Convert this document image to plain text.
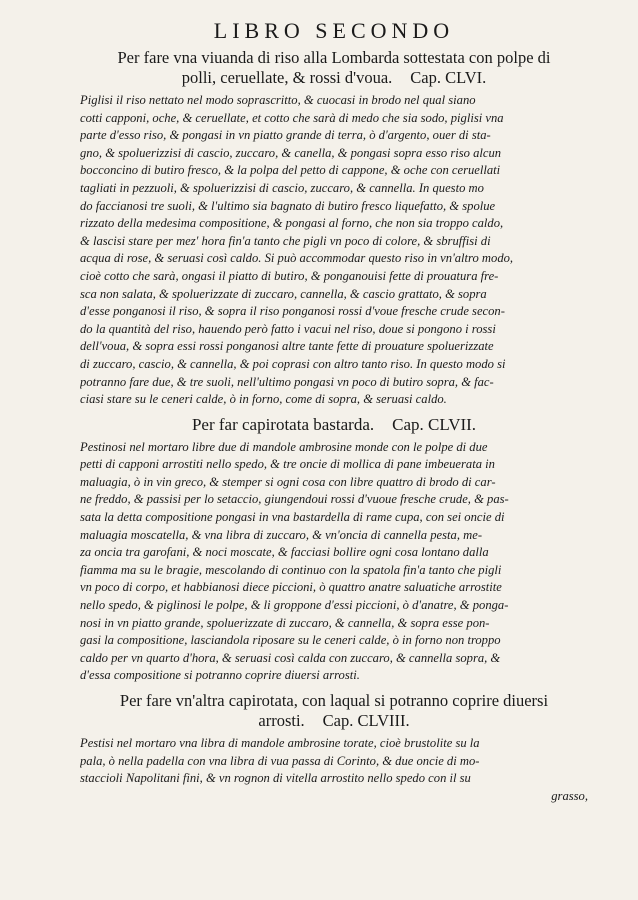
LIBRO SECONDO
Per fare vna viuanda di riso alla Lombarda sottestata con polpe di
polli, ceruellate, & rossi d'voua. Cap. CLVI.
Piglisi il riso nettato nel modo soprascritto, & cuocasi in brodo nel qual siano
cotti capponi, oche, & ceruellate, et cotto che sarà di medo che sia sodo, piglisi vna
parte d'esso riso, & pongasi in vn piatto grande di terra, ò d'argento, ouer di sta-
gno, & spoluerizzisi di cascio, zuccaro, & canella, & pongasi sopra esso riso alcun
bocconcino di butiro fresco, & la polpa del petto di cappone, & oche con ceruellati
tagliati in pezzuoli, & spoluerizzisi di cascio, zuccaro, & cannella. In questo mo
do faccianosi tre suoli, & l'ultimo sia bagnato di butiro fresco liquefatto, & spolue
rizzato della medesima compositione, & pongasi al forno, che non sia troppo caldo,
& lascisi stare per mez' hora fin'a tanto che pigli vn poco di colore, & sbruffisi di
acqua di rose, & seruasi così caldo. Si può accommodar questo riso in vn'altro modo,
cioè cotto che sarà, ongasi il piatto di butiro, & ponganouisi fette di prouatura fre-
sca non salata, & spoluerizzate di zuccaro, cannella, & cascio grattato, & sopra
d'esse ponganosi il riso, & sopra il riso ponganosi rossi d'voue fresche crude secon-
do la quantità del riso, hauendo però fatto i vacui nel riso, doue si pongono i rossi
dell'voua, & sopra essi rossi ponganosi altre tante fette di prouature spoluerizzate
di zuccaro, cascio, & cannella, & poi coprasi con altro tanto riso. In questo modo si
potranno fare due, & tre suoli, nell'ultimo pongasi vn poco di butiro sopra, & fac-
ciasi stare su le ceneri calde, ò in forno, come di sopra, & seruasi caldo.
Per far capirotata bastarda. Cap. CLVII.
Pestinosi nel mortaro libre due di mandole ambrosine monde con le polpe di due
petti di capponi arrostiti nello spedo, & tre oncie di mollica di pane imbeuerata in
maluagia, ò in vin greco, & stemper si ogni cosa con libre quattro di brodo di car-
ne freddo, & passisi per lo setaccio, giungendoui rossi d'vuoue fresche crude, & pas-
sata la detta compositione pongasi in vna bastardella di rame cupa, con sei oncie di
maluagia moscatella, & vna libra di zuccaro, & vn'oncia di cannella pesta, me-
za oncia tra garofani, & noci moscate, & facciasi bollire ogni cosa lontano dalla
fiamma ma su le bragie, mescolando di continuo con la spatola fin'a tanto che pigli
vn poco di corpo, et habbianosi diece piccioni, ò quattro anatre saluatiche arrostite
nello spedo, & piglinosi le polpe, & li groppone d'essi piccioni, ò d'anatre, & ponga-
nosi in vn piatto grande, spoluerizzate di zuccaro, & cannella, & sopra esse pon-
gasi la compositione, lasciandola riposare su le ceneri calde, ò in forno non troppo
caldo per vn quarto d'hora, & seruasi così calda con zuccaro, & cannella sopra, &
d'essa compositione si potranno coprire diuersi arrosti.
Per fare vn'altra capirotata, con laqual si potranno coprire diuersi
arrosti. Cap. CLVIII.
Pestisi nel mortaro vna libra di mandole ambrosine torate, cioè brustolite su la
pala, ò nella padella con vna libra di vua passa di Corinto, & due oncie di mo-
staccioli Napolitani fini, & vn rognon di vitella arrostito nello spedo con il su
grasso,
